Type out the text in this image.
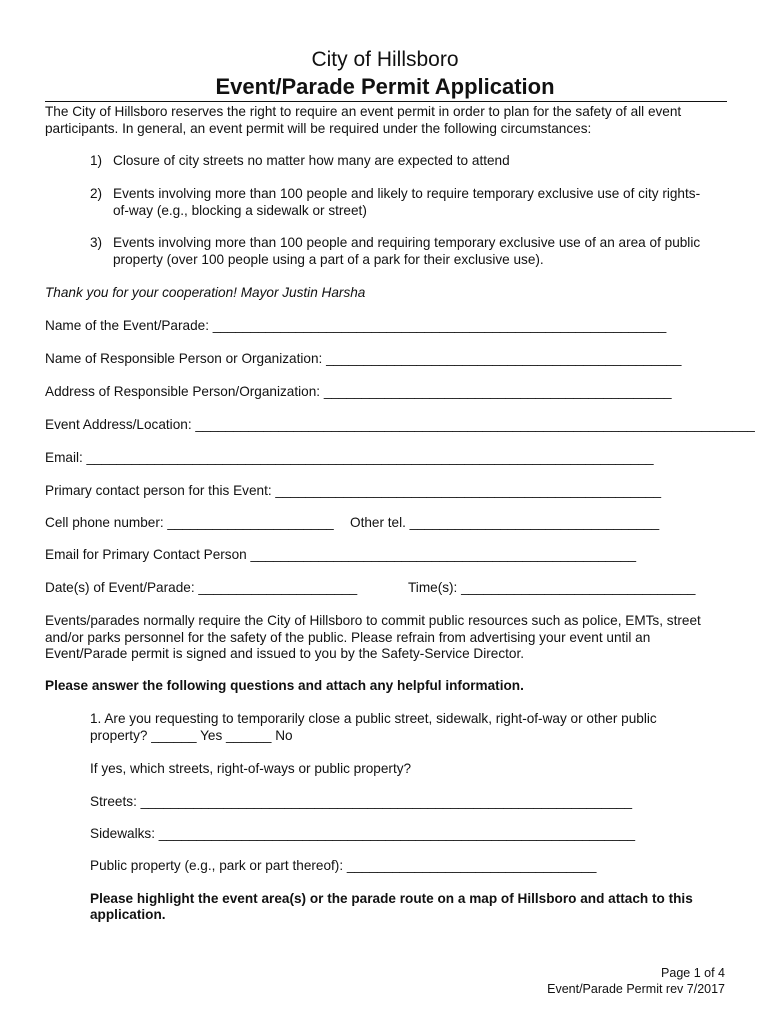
City of Hillsboro
Event/Parade Permit Application
The City of Hillsboro reserves the right to require an event permit in order to plan for the safety of all event
participants. In general, an event permit will be required under the following circumstances:
1) Closure of city streets no matter how many are expected to attend
2) Events involving more than 100 people and likely to require temporary exclusive use of city rights-
of-way (e.g., blocking a sidewalk or street)
3) Events involving more than 100 people and requiring temporary exclusive use of an area of public
property (over 100 people using a part of a park for their exclusive use).
Thank you for your cooperation! Mayor Justin Harsha
Name of the Event/Parade: ____________________________________________________________
Name of Responsible Person or Organization: _______________________________________________
Address of Responsible Person/Organization: ______________________________________________
Event Address/Location: __________________________________________________________________________
Email: ___________________________________________________________________________
Primary contact person for this Event: ___________________________________________________
Cell phone number: ______________________ Other tel. _________________________________
Email for Primary Contact Person ___________________________________________________
Date(s) of Event/Parade: _____________________	Time(s): _______________________________
Events/parades normally require the City of Hillsboro to commit public resources such as police, EMTs, street
and/or parks personnel for the safety of the public. Please refrain from advertising your event until an
Event/Parade permit is signed and issued to you by the Safety-Service Director.
Please answer the following questions and attach any helpful information.
1. Are you requesting to temporarily close a public street, sidewalk, right-of-way or other public
property? ______ Yes ______ No
If yes, which streets, right-of-ways or public property?
Streets: _________________________________________________________________
Sidewalks: _______________________________________________________________
Public property (e.g., park or part thereof): _________________________________
Please highlight the event area(s) or the parade route on a map of Hillsboro and attach to this
application.
Page 1 of 4
Event/Parade Permit rev 7/2017
